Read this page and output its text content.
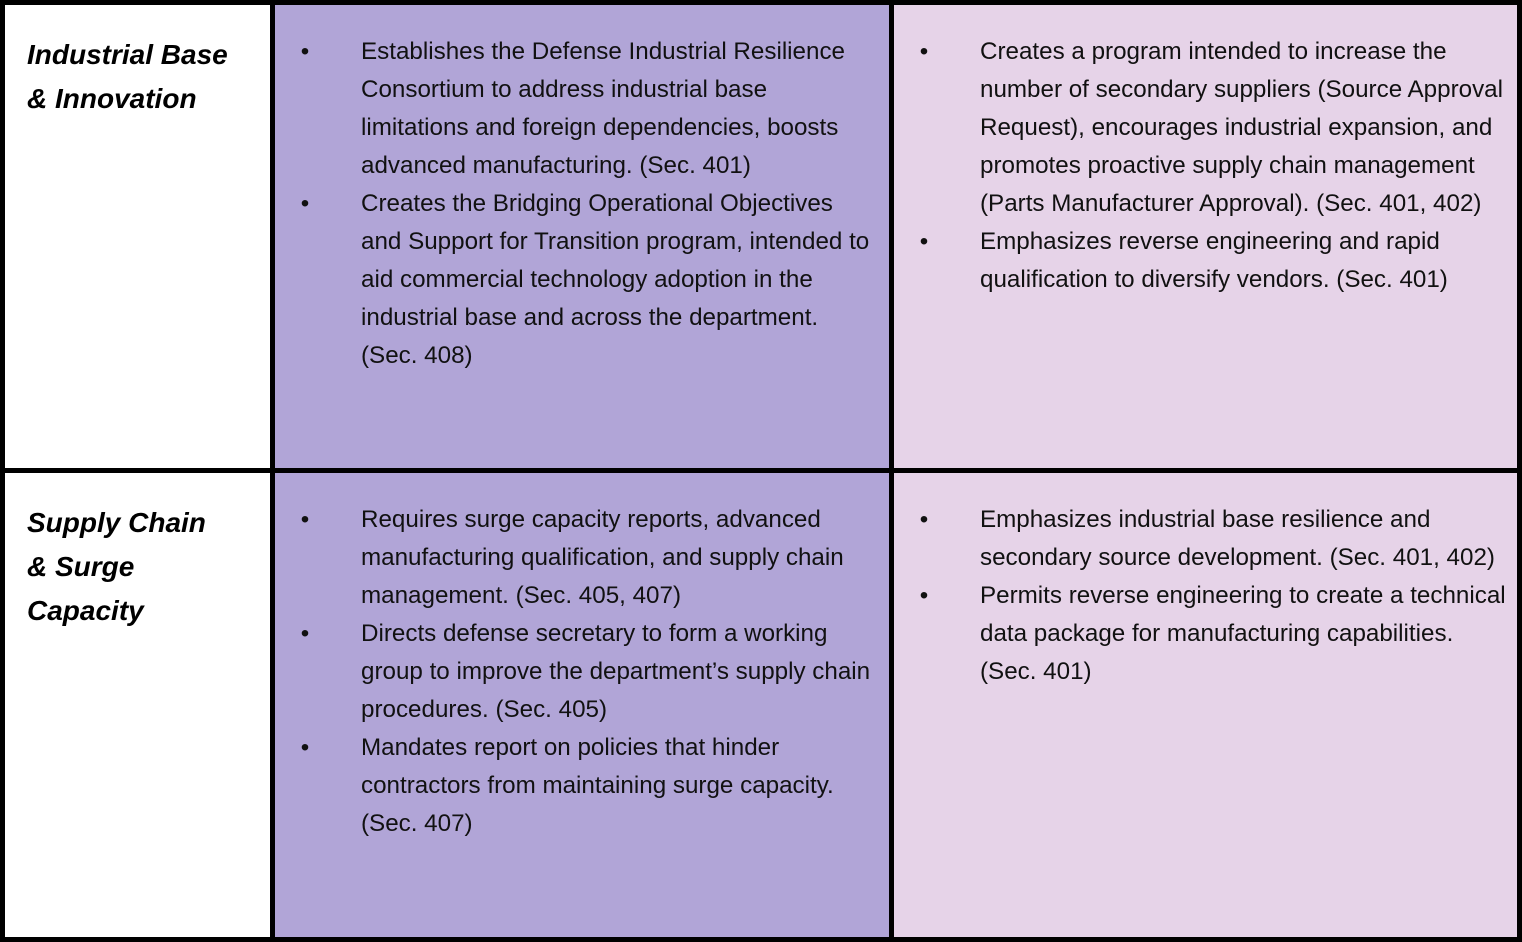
Industrial Base
& Innovation
• Establishes the Defense Industrial Resilience Consortium to address industrial base limitations and foreign dependencies, boosts advanced manufacturing. (Sec. 401)
• Creates the Bridging Operational Objectives and Support for Transition program, intended to aid commercial technology adoption in the industrial base and across the department. (Sec. 408)
• Creates a program intended to increase the number of secondary suppliers (Source Approval Request), encourages industrial expansion, and promotes proactive supply chain management (Parts Manufacturer Approval). (Sec. 401, 402)
• Emphasizes reverse engineering and rapid qualification to diversify vendors. (Sec. 401)
Supply Chain
& Surge
Capacity
• Requires surge capacity reports, advanced manufacturing qualification, and supply chain management. (Sec. 405, 407)
• Directs defense secretary to form a working group to improve the department’s supply chain procedures. (Sec. 405)
• Mandates report on policies that hinder contractors from maintaining surge capacity. (Sec. 407)
• Emphasizes industrial base resilience and secondary source development. (Sec. 401, 402)
• Permits reverse engineering to create a technical data package for manufacturing capabilities. (Sec. 401)
